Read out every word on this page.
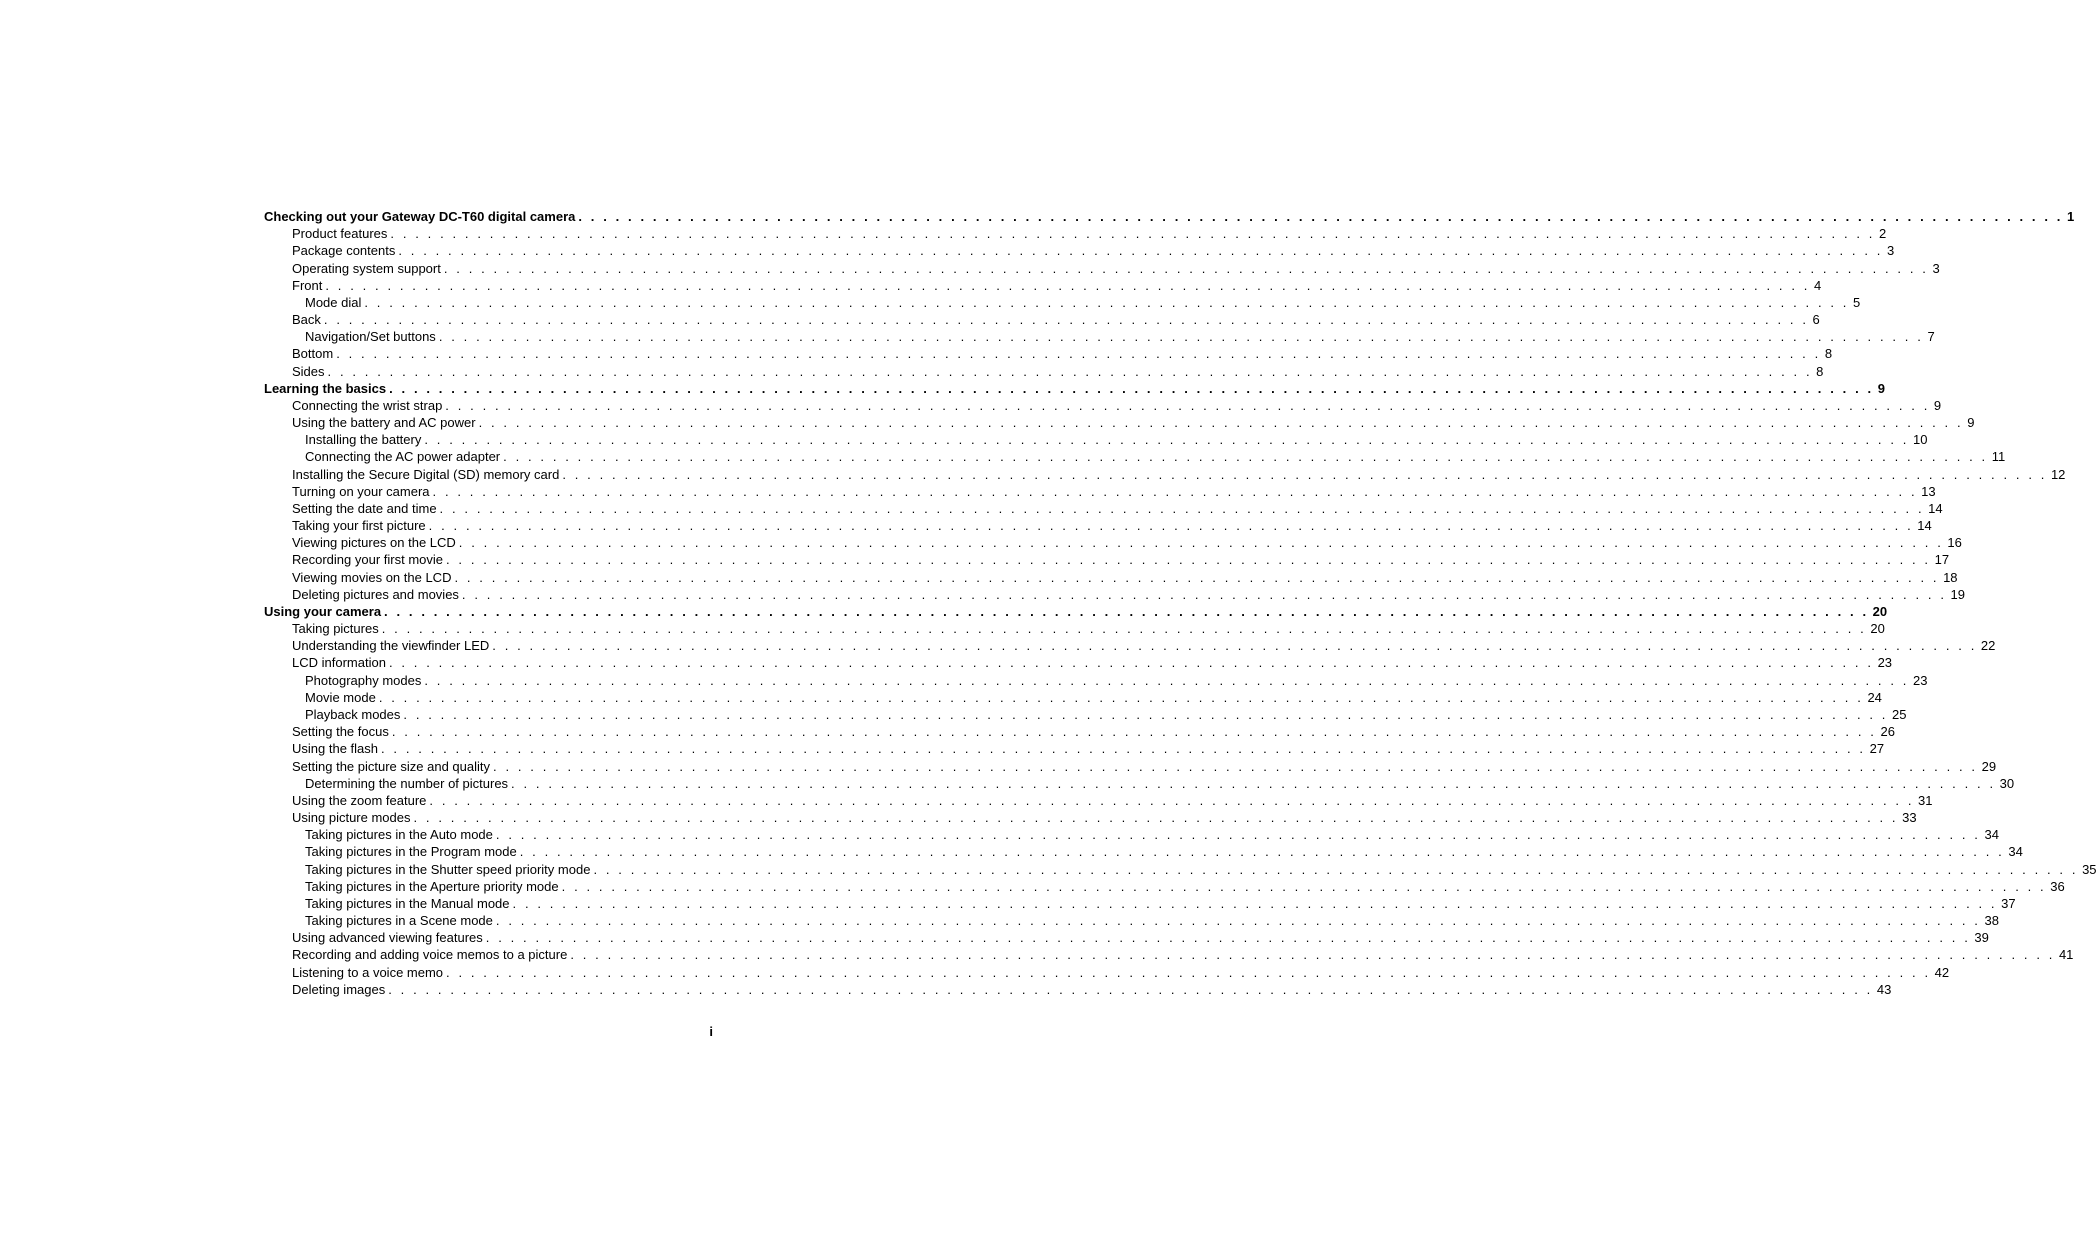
Checking out your Gateway DC-T60 digital camera . . . . . . . . . . . . . . . . . . . . . . . . . . . . . . . . . . . . . . . . . . . . . . . . . . . . . . . . . . . . . . . . . . . . . . . . . . . . . . . . . . . . . . . . . . . . . . . . . . . . . . . . . . . . . . . . . . . . . . . . 1
Product features . . . . . . . . . . . . . . . . . . . . . . . . . . . . . . . . . . . . . . . . . . . . . . . . . . . . . . . . . . . . . . . . . . . . . . . . . . . . . . . . . . . . . . . . . . . . . . . . . . . . . . . . . . . . . . . . . . . . . . . . 2
Package contents . . . . . . . . . . . . . . . . . . . . . . . . . . . . . . . . . . . . . . . . . . . . . . . . . . . . . . . . . . . . . . . . . . . . . . . . . . . . . . . . . . . . . . . . . . . . . . . . . . . . . . . . . . . . . . . . . . . . . . . . 3
Operating system support . . . . . . . . . . . . . . . . . . . . . . . . . . . . . . . . . . . . . . . . . . . . . . . . . . . . . . . . . . . . . . . . . . . . . . . . . . . . . . . . . . . . . . . . . . . . . . . . . . . . . . . . . . . . . . . . . . . . . . . . 3
Front . . . . . . . . . . . . . . . . . . . . . . . . . . . . . . . . . . . . . . . . . . . . . . . . . . . . . . . . . . . . . . . . . . . . . . . . . . . . . . . . . . . . . . . . . . . . . . . . . . . . . . . . . . . . . . . . . . . . . . . . 4
Mode dial . . . . . . . . . . . . . . . . . . . . . . . . . . . . . . . . . . . . . . . . . . . . . . . . . . . . . . . . . . . . . . . . . . . . . . . . . . . . . . . . . . . . . . . . . . . . . . . . . . . . . . . . . . . . . . . . . . . . . . . . 5
Back . . . . . . . . . . . . . . . . . . . . . . . . . . . . . . . . . . . . . . . . . . . . . . . . . . . . . . . . . . . . . . . . . . . . . . . . . . . . . . . . . . . . . . . . . . . . . . . . . . . . . . . . . . . . . . . . . . . . . . . . 6
Navigation/Set buttons . . . . . . . . . . . . . . . . . . . . . . . . . . . . . . . . . . . . . . . . . . . . . . . . . . . . . . . . . . . . . . . . . . . . . . . . . . . . . . . . . . . . . . . . . . . . . . . . . . . . . . . . . . . . . . . . . . . . . . . . 7
Bottom . . . . . . . . . . . . . . . . . . . . . . . . . . . . . . . . . . . . . . . . . . . . . . . . . . . . . . . . . . . . . . . . . . . . . . . . . . . . . . . . . . . . . . . . . . . . . . . . . . . . . . . . . . . . . . . . . . . . . . . . 8
Sides . . . . . . . . . . . . . . . . . . . . . . . . . . . . . . . . . . . . . . . . . . . . . . . . . . . . . . . . . . . . . . . . . . . . . . . . . . . . . . . . . . . . . . . . . . . . . . . . . . . . . . . . . . . . . . . . . . . . . . . . 8
Learning the basics . . . . . . . . . . . . . . . . . . . . . . . . . . . . . . . . . . . . . . . . . . . . . . . . . . . . . . . . . . . . . . . . . . . . . . . . . . . . . . . . . . . . . . . . . . . . . . . . . . . . . . . . . . . . . . . . . . . . . . . . 9
Connecting the wrist strap . . . . . . . . . . . . . . . . . . . . . . . . . . . . . . . . . . . . . . . . . . . . . . . . . . . . . . . . . . . . . . . . . . . . . . . . . . . . . . . . . . . . . . . . . . . . . . . . . . . . . . . . . . . . . . . . . . . . . . . . 9
Using the battery and AC power . . . . . . . . . . . . . . . . . . . . . . . . . . . . . . . . . . . . . . . . . . . . . . . . . . . . . . . . . . . . . . . . . . . . . . . . . . . . . . . . . . . . . . . . . . . . . . . . . . . . . . . . . . . . . . . . . . . . . . . . 9
Installing the battery . . . . . . . . . . . . . . . . . . . . . . . . . . . . . . . . . . . . . . . . . . . . . . . . . . . . . . . . . . . . . . . . . . . . . . . . . . . . . . . . . . . . . . . . . . . . . . . . . . . . . . . . . . . . . . . . . . . . . . . . 10
Connecting the AC power adapter . . . . . . . . . . . . . . . . . . . . . . . . . . . . . . . . . . . . . . . . . . . . . . . . . . . . . . . . . . . . . . . . . . . . . . . . . . . . . . . . . . . . . . . . . . . . . . . . . . . . . . . . . . . . . . . . . . . . . . . . 11
Installing the Secure Digital (SD) memory card . . . . . . . . . . . . . . . . . . . . . . . . . . . . . . . . . . . . . . . . . . . . . . . . . . . . . . . . . . . . . . . . . . . . . . . . . . . . . . . . . . . . . . . . . . . . . . . . . . . . . . . . . . . . . . . . . . . . . . . . 12
Turning on your camera . . . . . . . . . . . . . . . . . . . . . . . . . . . . . . . . . . . . . . . . . . . . . . . . . . . . . . . . . . . . . . . . . . . . . . . . . . . . . . . . . . . . . . . . . . . . . . . . . . . . . . . . . . . . . . . . . . . . . . . . 13
Setting the date and time . . . . . . . . . . . . . . . . . . . . . . . . . . . . . . . . . . . . . . . . . . . . . . . . . . . . . . . . . . . . . . . . . . . . . . . . . . . . . . . . . . . . . . . . . . . . . . . . . . . . . . . . . . . . . . . . . . . . . . . . 14
Taking your first picture . . . . . . . . . . . . . . . . . . . . . . . . . . . . . . . . . . . . . . . . . . . . . . . . . . . . . . . . . . . . . . . . . . . . . . . . . . . . . . . . . . . . . . . . . . . . . . . . . . . . . . . . . . . . . . . . . . . . . . . . 14
Viewing pictures on the LCD . . . . . . . . . . . . . . . . . . . . . . . . . . . . . . . . . . . . . . . . . . . . . . . . . . . . . . . . . . . . . . . . . . . . . . . . . . . . . . . . . . . . . . . . . . . . . . . . . . . . . . . . . . . . . . . . . . . . . . . . 16
Recording your first movie . . . . . . . . . . . . . . . . . . . . . . . . . . . . . . . . . . . . . . . . . . . . . . . . . . . . . . . . . . . . . . . . . . . . . . . . . . . . . . . . . . . . . . . . . . . . . . . . . . . . . . . . . . . . . . . . . . . . . . . . 17
Viewing movies on the LCD . . . . . . . . . . . . . . . . . . . . . . . . . . . . . . . . . . . . . . . . . . . . . . . . . . . . . . . . . . . . . . . . . . . . . . . . . . . . . . . . . . . . . . . . . . . . . . . . . . . . . . . . . . . . . . . . . . . . . . . . 18
Deleting pictures and movies . . . . . . . . . . . . . . . . . . . . . . . . . . . . . . . . . . . . . . . . . . . . . . . . . . . . . . . . . . . . . . . . . . . . . . . . . . . . . . . . . . . . . . . . . . . . . . . . . . . . . . . . . . . . . . . . . . . . . . . . 19
Using your camera . . . . . . . . . . . . . . . . . . . . . . . . . . . . . . . . . . . . . . . . . . . . . . . . . . . . . . . . . . . . . . . . . . . . . . . . . . . . . . . . . . . . . . . . . . . . . . . . . . . . . . . . . . . . . . . . . . . . . . . . 20
Taking pictures . . . . . . . . . . . . . . . . . . . . . . . . . . . . . . . . . . . . . . . . . . . . . . . . . . . . . . . . . . . . . . . . . . . . . . . . . . . . . . . . . . . . . . . . . . . . . . . . . . . . . . . . . . . . . . . . . . . . . . . . 20
Understanding the viewfinder LED . . . . . . . . . . . . . . . . . . . . . . . . . . . . . . . . . . . . . . . . . . . . . . . . . . . . . . . . . . . . . . . . . . . . . . . . . . . . . . . . . . . . . . . . . . . . . . . . . . . . . . . . . . . . . . . . . . . . . . . . 22
LCD information . . . . . . . . . . . . . . . . . . . . . . . . . . . . . . . . . . . . . . . . . . . . . . . . . . . . . . . . . . . . . . . . . . . . . . . . . . . . . . . . . . . . . . . . . . . . . . . . . . . . . . . . . . . . . . . . . . . . . . . . 23
Photography modes . . . . . . . . . . . . . . . . . . . . . . . . . . . . . . . . . . . . . . . . . . . . . . . . . . . . . . . . . . . . . . . . . . . . . . . . . . . . . . . . . . . . . . . . . . . . . . . . . . . . . . . . . . . . . . . . . . . . . . . . 23
Movie mode . . . . . . . . . . . . . . . . . . . . . . . . . . . . . . . . . . . . . . . . . . . . . . . . . . . . . . . . . . . . . . . . . . . . . . . . . . . . . . . . . . . . . . . . . . . . . . . . . . . . . . . . . . . . . . . . . . . . . . . . 24
Playback modes . . . . . . . . . . . . . . . . . . . . . . . . . . . . . . . . . . . . . . . . . . . . . . . . . . . . . . . . . . . . . . . . . . . . . . . . . . . . . . . . . . . . . . . . . . . . . . . . . . . . . . . . . . . . . . . . . . . . . . . . 25
Setting the focus . . . . . . . . . . . . . . . . . . . . . . . . . . . . . . . . . . . . . . . . . . . . . . . . . . . . . . . . . . . . . . . . . . . . . . . . . . . . . . . . . . . . . . . . . . . . . . . . . . . . . . . . . . . . . . . . . . . . . . . . 26
Using the flash . . . . . . . . . . . . . . . . . . . . . . . . . . . . . . . . . . . . . . . . . . . . . . . . . . . . . . . . . . . . . . . . . . . . . . . . . . . . . . . . . . . . . . . . . . . . . . . . . . . . . . . . . . . . . . . . . . . . . . . . 27
Setting the picture size and quality . . . . . . . . . . . . . . . . . . . . . . . . . . . . . . . . . . . . . . . . . . . . . . . . . . . . . . . . . . . . . . . . . . . . . . . . . . . . . . . . . . . . . . . . . . . . . . . . . . . . . . . . . . . . . . . . . . . . . . . . 29
Determining the number of pictures . . . . . . . . . . . . . . . . . . . . . . . . . . . . . . . . . . . . . . . . . . . . . . . . . . . . . . . . . . . . . . . . . . . . . . . . . . . . . . . . . . . . . . . . . . . . . . . . . . . . . . . . . . . . . . . . . . . . . . . . 30
Using the zoom feature . . . . . . . . . . . . . . . . . . . . . . . . . . . . . . . . . . . . . . . . . . . . . . . . . . . . . . . . . . . . . . . . . . . . . . . . . . . . . . . . . . . . . . . . . . . . . . . . . . . . . . . . . . . . . . . . . . . . . . . . 31
Using picture modes . . . . . . . . . . . . . . . . . . . . . . . . . . . . . . . . . . . . . . . . . . . . . . . . . . . . . . . . . . . . . . . . . . . . . . . . . . . . . . . . . . . . . . . . . . . . . . . . . . . . . . . . . . . . . . . . . . . . . . . . 33
Taking pictures in the Auto mode . . . . . . . . . . . . . . . . . . . . . . . . . . . . . . . . . . . . . . . . . . . . . . . . . . . . . . . . . . . . . . . . . . . . . . . . . . . . . . . . . . . . . . . . . . . . . . . . . . . . . . . . . . . . . . . . . . . . . . . . 34
Taking pictures in the Program mode . . . . . . . . . . . . . . . . . . . . . . . . . . . . . . . . . . . . . . . . . . . . . . . . . . . . . . . . . . . . . . . . . . . . . . . . . . . . . . . . . . . . . . . . . . . . . . . . . . . . . . . . . . . . . . . . . . . . . . . . 34
Taking pictures in the Shutter speed priority mode . . . . . . . . . . . . . . . . . . . . . . . . . . . . . . . . . . . . . . . . . . . . . . . . . . . . . . . . . . . . . . . . . . . . . . . . . . . . . . . . . . . . . . . . . . . . . . . . . . . . . . . . . . . . . . . . . . . . . . . . 35
Taking pictures in the Aperture priority mode . . . . . . . . . . . . . . . . . . . . . . . . . . . . . . . . . . . . . . . . . . . . . . . . . . . . . . . . . . . . . . . . . . . . . . . . . . . . . . . . . . . . . . . . . . . . . . . . . . . . . . . . . . . . . . . . . . . . . . . . 36
Taking pictures in the Manual mode . . . . . . . . . . . . . . . . . . . . . . . . . . . . . . . . . . . . . . . . . . . . . . . . . . . . . . . . . . . . . . . . . . . . . . . . . . . . . . . . . . . . . . . . . . . . . . . . . . . . . . . . . . . . . . . . . . . . . . . . 37
Taking pictures in a Scene mode . . . . . . . . . . . . . . . . . . . . . . . . . . . . . . . . . . . . . . . . . . . . . . . . . . . . . . . . . . . . . . . . . . . . . . . . . . . . . . . . . . . . . . . . . . . . . . . . . . . . . . . . . . . . . . . . . . . . . . . . 38
Using advanced viewing features . . . . . . . . . . . . . . . . . . . . . . . . . . . . . . . . . . . . . . . . . . . . . . . . . . . . . . . . . . . . . . . . . . . . . . . . . . . . . . . . . . . . . . . . . . . . . . . . . . . . . . . . . . . . . . . . . . . . . . . . 39
Recording and adding voice memos to a picture . . . . . . . . . . . . . . . . . . . . . . . . . . . . . . . . . . . . . . . . . . . . . . . . . . . . . . . . . . . . . . . . . . . . . . . . . . . . . . . . . . . . . . . . . . . . . . . . . . . . . . . . . . . . . . . . . . . . . . . . 41
Listening to a voice memo . . . . . . . . . . . . . . . . . . . . . . . . . . . . . . . . . . . . . . . . . . . . . . . . . . . . . . . . . . . . . . . . . . . . . . . . . . . . . . . . . . . . . . . . . . . . . . . . . . . . . . . . . . . . . . . . . . . . . . . . 42
Deleting images . . . . . . . . . . . . . . . . . . . . . . . . . . . . . . . . . . . . . . . . . . . . . . . . . . . . . . . . . . . . . . . . . . . . . . . . . . . . . . . . . . . . . . . . . . . . . . . . . . . . . . . . . . . . . . . . . . . . . . . . 43
i
